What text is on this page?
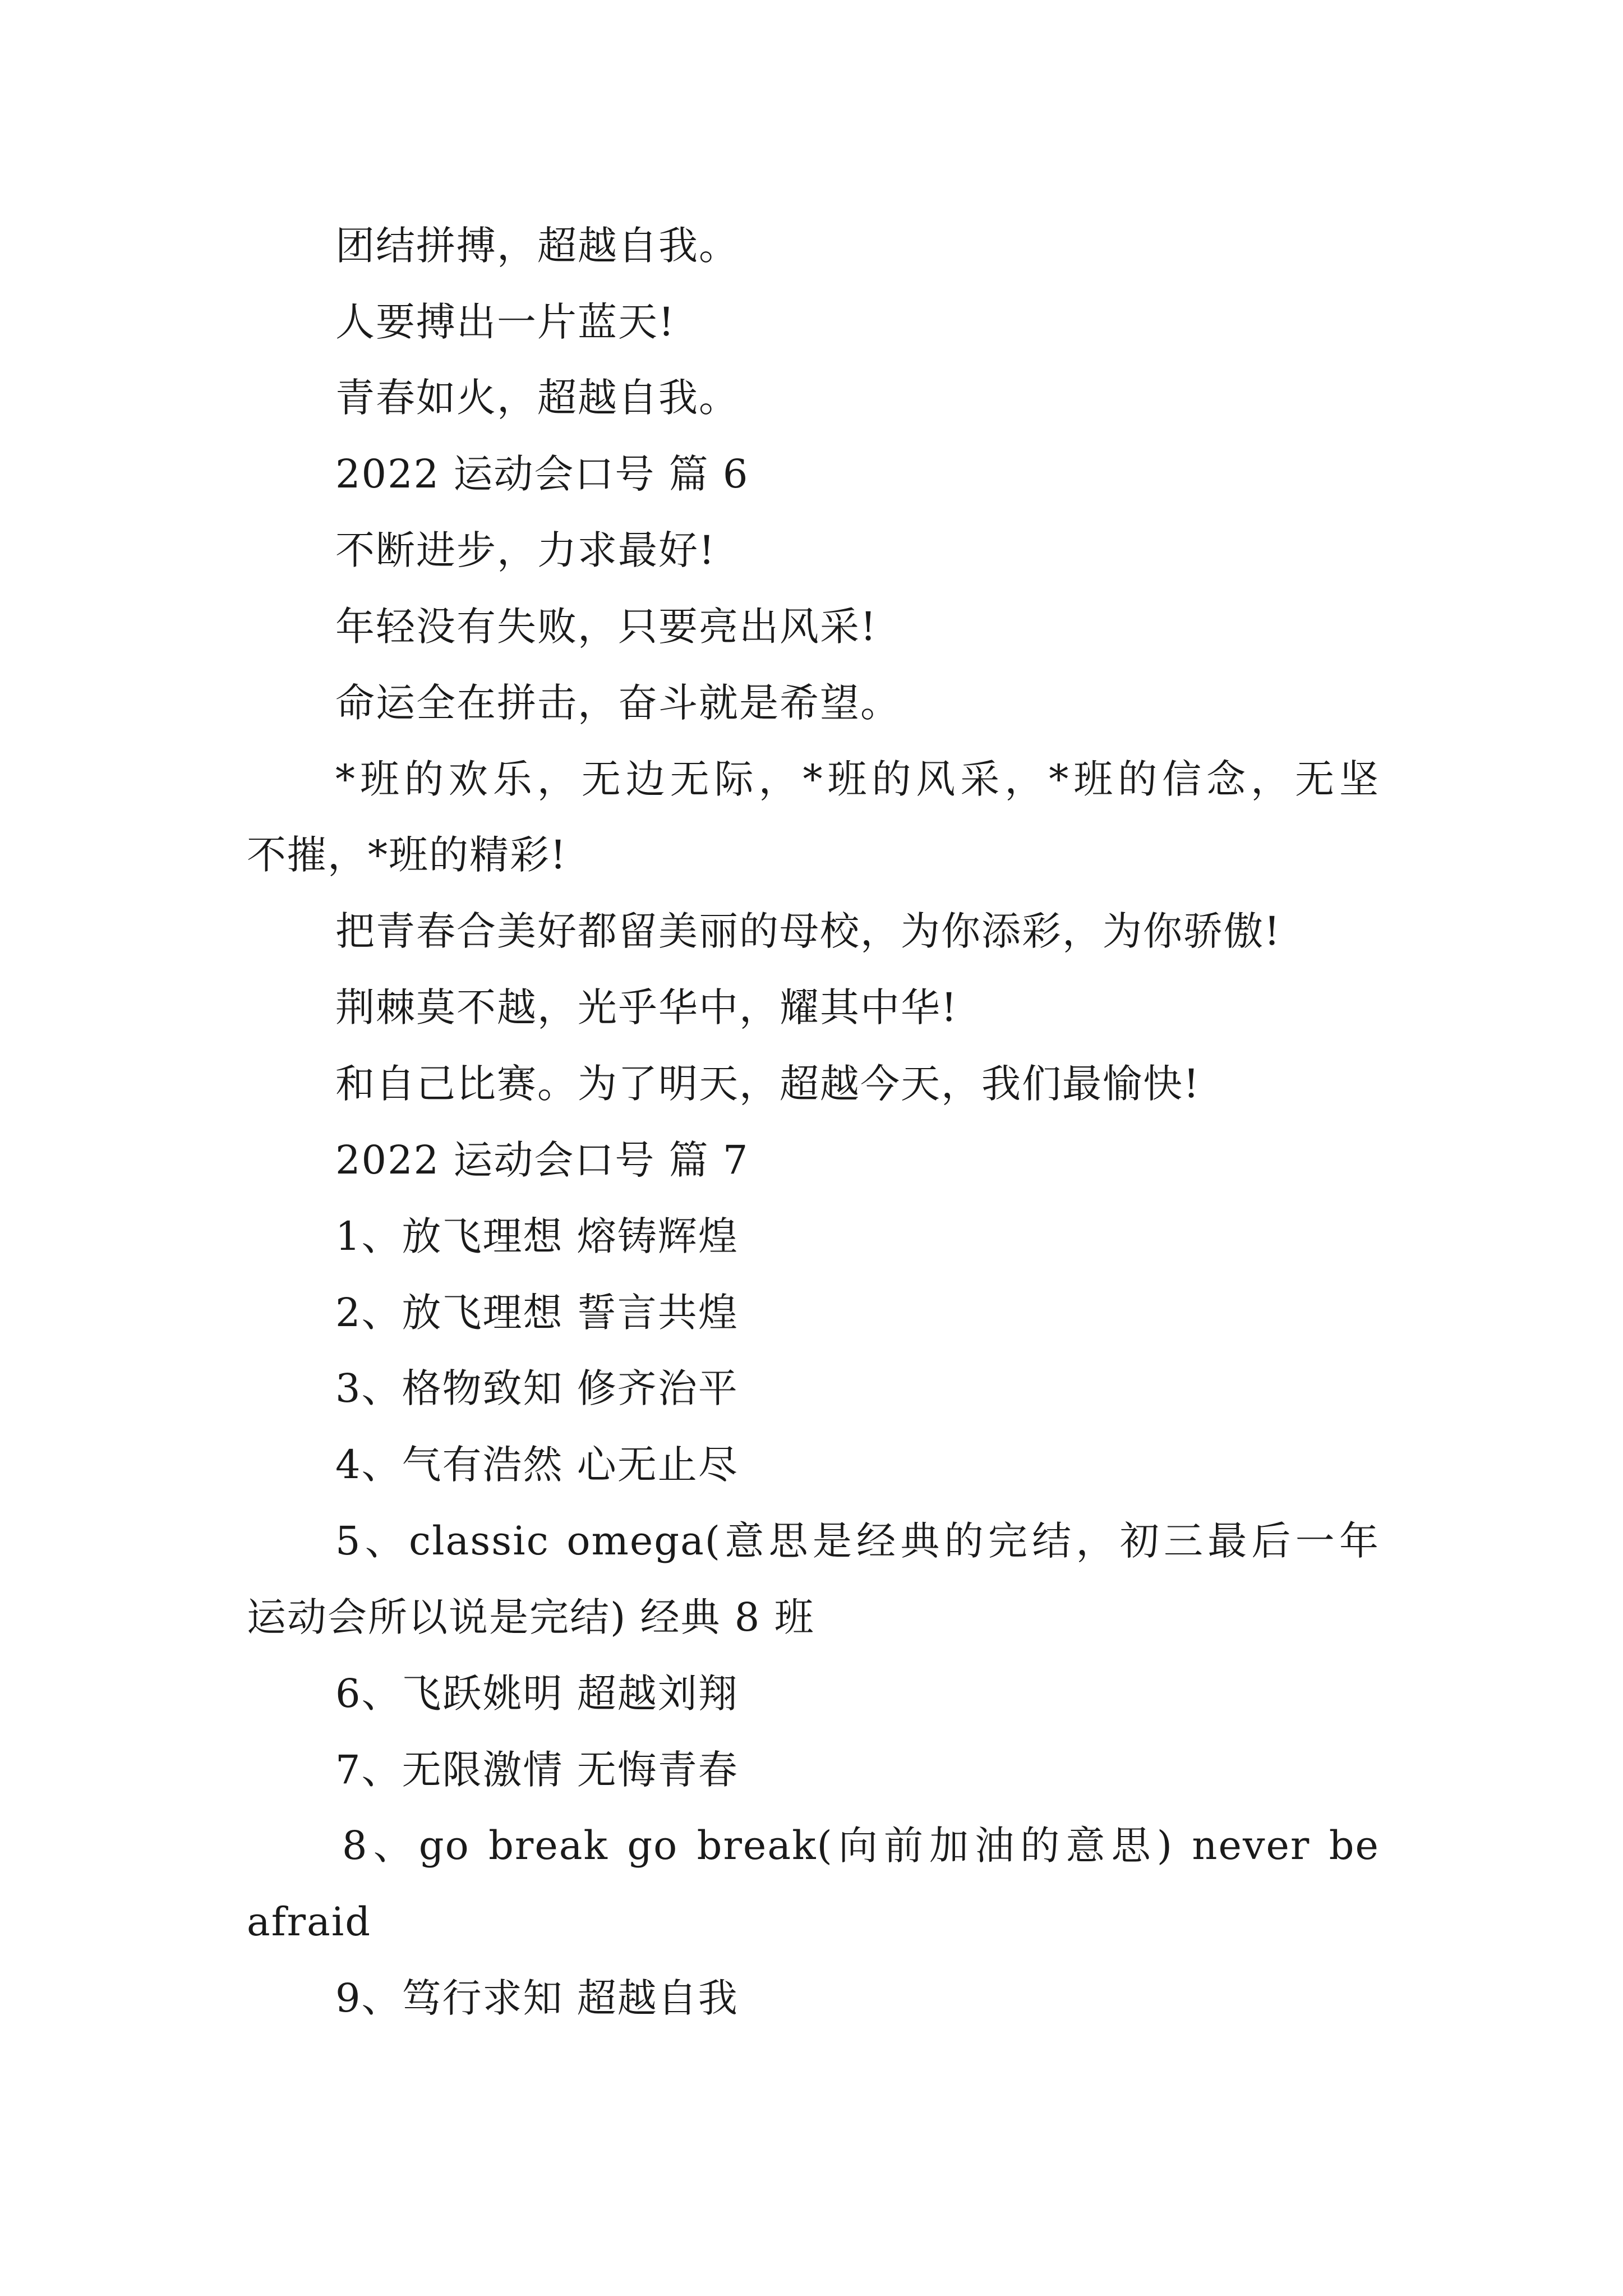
团结拼搏，超越自我。
人要搏出一片蓝天!
青春如火，超越自我。
2022 运动会口号 篇 6
不断进步，力求最好!
年轻没有失败，只要亮出风采!
命运全在拼击，奋斗就是希望。
*班的欢乐，无边无际，*班的风采，*班的信念，无坚
不摧，*班的精彩!
把青春合美好都留美丽的母校，为你添彩，为你骄傲!
荆棘莫不越，光乎华中，耀其中华!
和自己比赛。为了明天，超越今天，我们最愉快!
2022 运动会口号 篇 7
1、放飞理想 熔铸辉煌
2、放飞理想 誓言共煌
3、格物致知 修齐治平
4、气有浩然 心无止尽
5、classic omega(意思是经典的完结，初三最后一年
运动会所以说是完结) 经典 8 班
6、飞跃姚明 超越刘翔
7、无限激情 无悔青春
8、go break go break(向前加油的意思) never be
afraid
9、笃行求知 超越自我
